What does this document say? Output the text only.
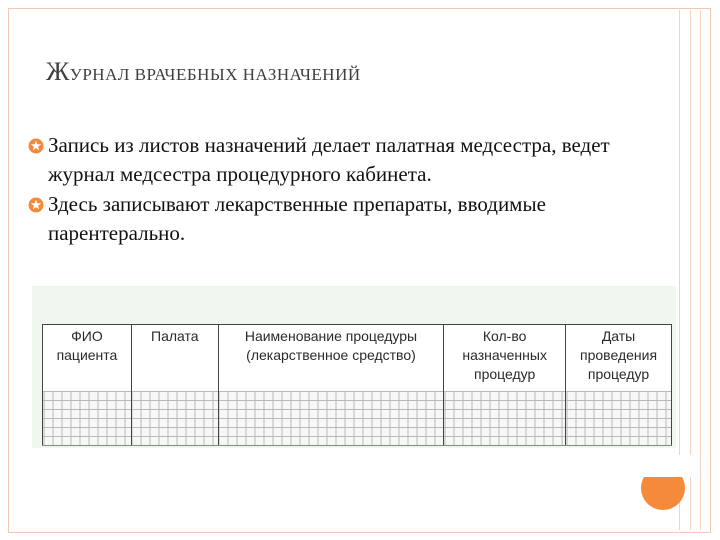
ЖУРНАЛ ВРАЧЕБНЫХ НАЗНАЧЕНИЙ
Запись из листов назначений делает палатная медсестра, ведет журнал медсестра процедурного кабинета.
Здесь записывают лекарственные препараты, вводимые парентерально.
ФИО пациента	Палата	Наименование процедуры (лекарственное средство)	Кол-во назначенных процедур	Даты проведения процедур
